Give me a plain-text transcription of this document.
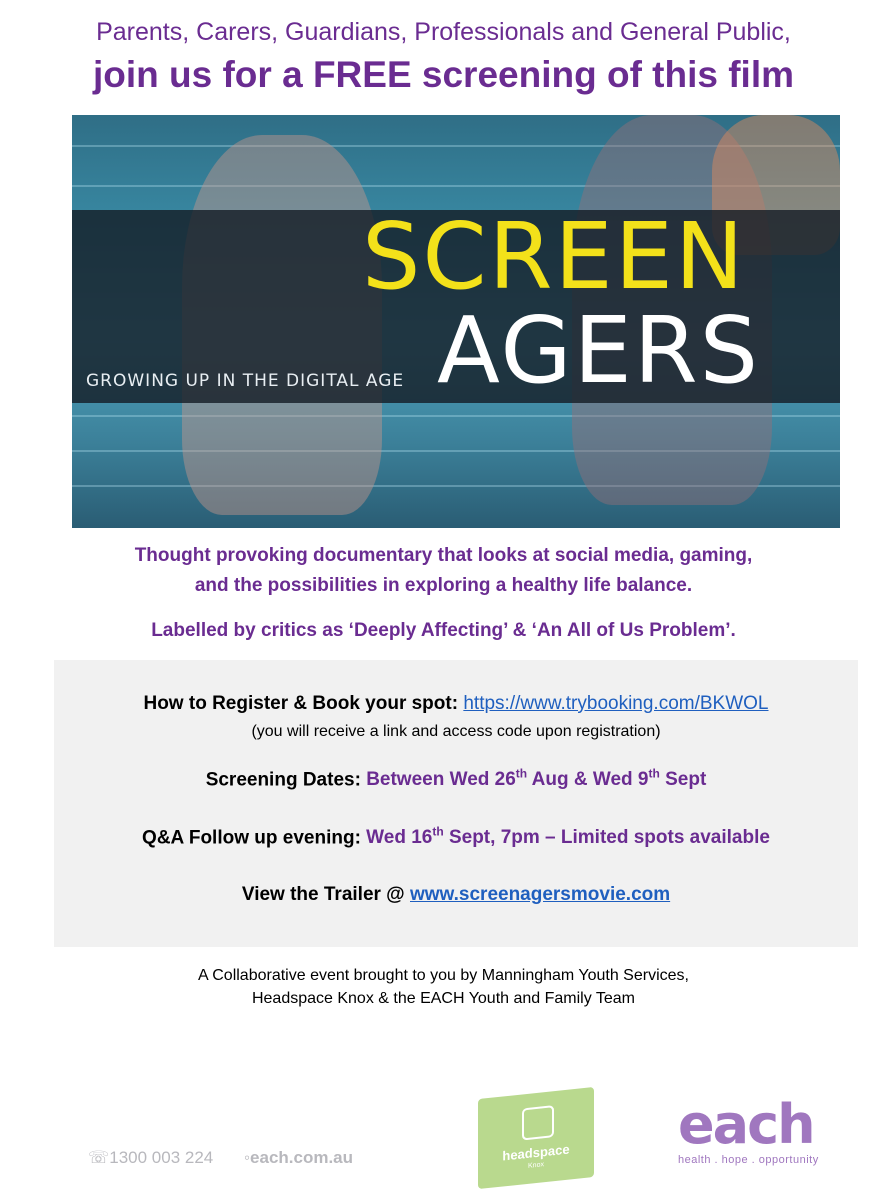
Parents, Carers, Guardians, Professionals and General Public,
join us for a FREE screening of this film
SCREEN
AGERS
GROWING UP IN THE DIGITAL AGE
Thought provoking documentary that looks at social media, gaming,
and the possibilities in exploring a healthy life balance.
Labelled by critics as ‘Deeply Affecting’ & ‘An All of Us Problem’.
How to Register & Book your spot: https://www.trybooking.com/BKWOL
(you will receive a link and access code upon registration)
Screening Dates: Between Wed 26th Aug & Wed 9th Sept
Q&A Follow up evening: Wed 16th Sept, 7pm – Limited spots available
View the Trailer @ www.screenagersmovie.com
A Collaborative event brought to you by Manningham Youth Services,
Headspace Knox & the EACH Youth and Family Team
☏1300 003 224 ◦each.com.au	headspace
Knox
each
health . hope . opportunity
